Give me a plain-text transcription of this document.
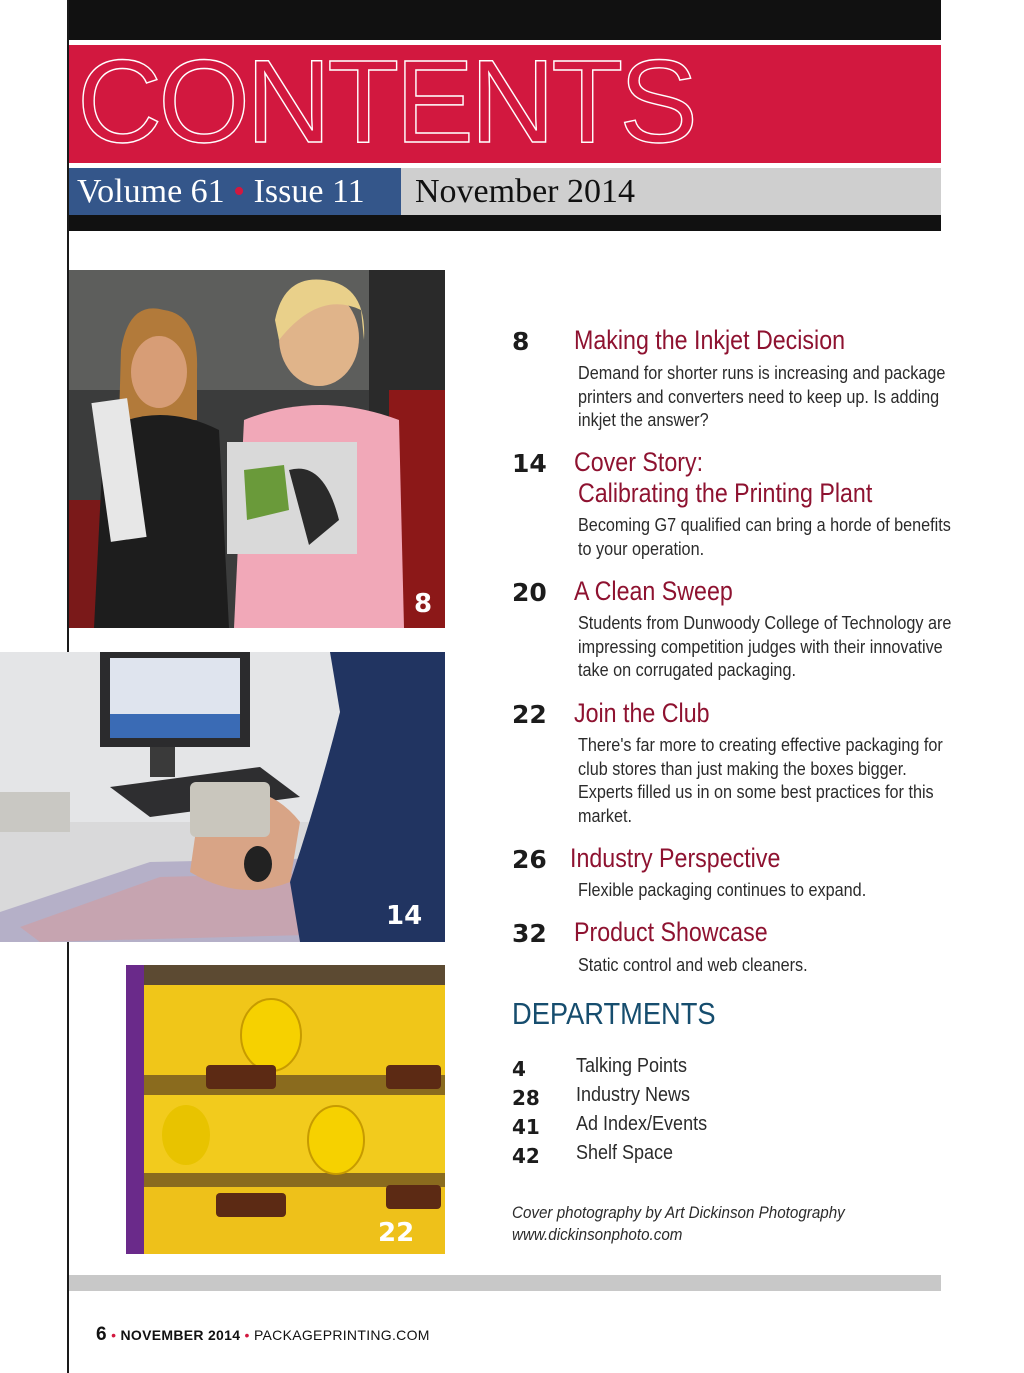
CONTENTS
Volume 61 • Issue 11 November 2014
8
14
22
8 Making the Inkjet Decision
Demand for shorter runs is increasing and package printers and converters need to keep up. Is adding inkjet the answer?
14 Cover Story:
Calibrating the Printing Plant
Becoming G7 qualified can bring a horde of benefits to your operation.
20 A Clean Sweep
Students from Dunwoody College of Technology are impressing competition judges with their innovative take on corrugated packaging.
22 Join the Club
There's far more to creating effective packaging for club stores than just making the boxes bigger. Experts filled us in on some best practices for this market.
26 Industry Perspective
Flexible packaging continues to expand.
32 Product Showcase
Static control and web cleaners.
DEPARTMENTS
4	Talking Points
28 Industry News
41 Ad Index/Events
42 Shelf Space
Cover photography by Art Dickinson Photography
www.dickinsonphoto.com
6 • NOVEMBER 2014 • PACKAGEPRINTING.COM
